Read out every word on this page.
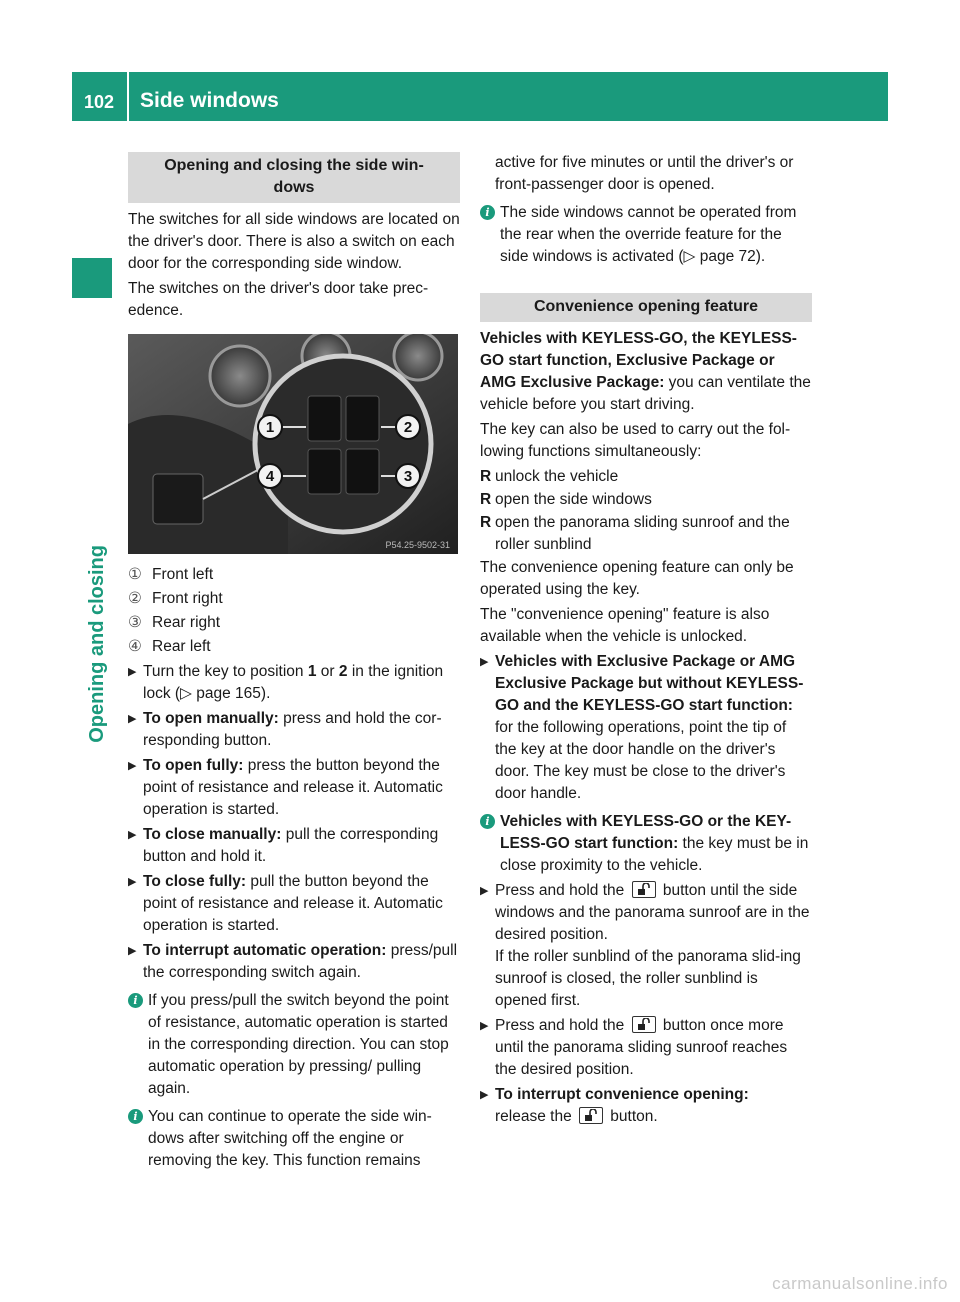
102 Side windows
Opening and closing
Opening and closing the side win-
dows

The switches for all side windows are located on the driver's door. There is also a switch on each door for the corresponding side window.

The switches on the driver's door take prec-edence.

1	2
3
4
P54.25-9502-31
① Front left
② Front right
③ Rear right
④ Rear left
▶ Turn the key to position 1 or 2 in the ignition lock (▷ page 165).
▶ To open manually: press and hold the cor-responding button.
▶ To open fully: press the button beyond the point of resistance and release it. Automatic operation is started.
▶ To close manually: pull the corresponding button and hold it.
▶ To close fully: pull the button beyond the point of resistance and release it. Automatic operation is started.
▶ To interrupt automatic operation: press/pull the corresponding switch again.
i If you press/pull the switch beyond the point of resistance, automatic operation is started in the corresponding direction. You can stop automatic operation by pressing/ pulling again.
i You can continue to operate the side win-dows after switching off the engine or removing the key. This function remains

active for five minutes or until the driver's or front-passenger door is opened.

i The side windows cannot be operated from the rear when the override feature for the side windows is activated (▷ page 72).
Convenience opening feature

Vehicles with KEYLESS-GO, the KEYLESS-GO start function, Exclusive Package or AMG Exclusive Package: you can ventilate the vehicle before you start driving.

The key can also be used to carry out the fol-lowing functions simultaneously:

R unlock the vehicle
R open the side windows
R open the panorama sliding sunroof and the roller sunblind

The convenience opening feature can only be operated using the key.

The "convenience opening" feature is also available when the vehicle is unlocked.

▶ Vehicles with Exclusive Package or AMG Exclusive Package but without KEYLESS-GO and the KEYLESS-GO start function: for the following operations, point the tip of the key at the door handle on the driver's door. The key must be close to the driver's door handle.
i Vehicles with KEYLESS-GO or the KEY-LESS-GO start function: the key must be in close proximity to the vehicle.
▶ Press and hold the
button until the side windows and the panorama sunroof are in the desired position.
If the roller sunblind of the panorama slid-ing sunroof is closed, the roller sunblind is opened first.
▶ Press and hold the
button once more until the panorama sliding sunroof reaches the desired position.
▶ To interrupt convenience opening:
release the
button.
carmanualsonline.info
